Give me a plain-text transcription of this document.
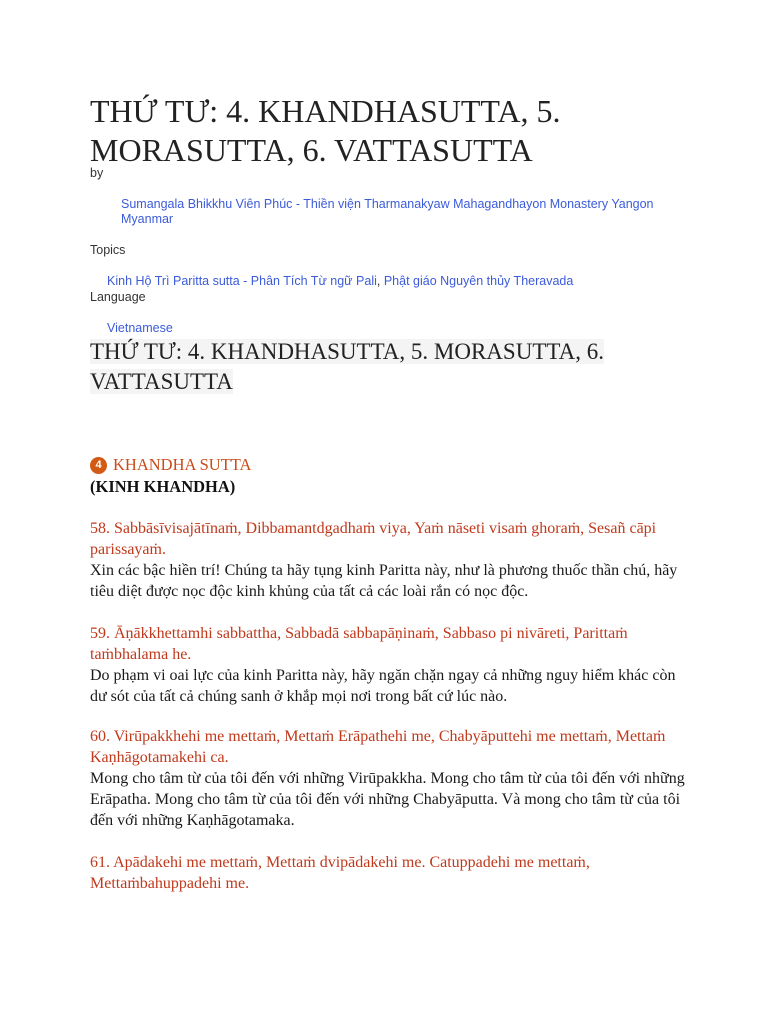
THỨ TƯ: 4. KHANDHASUTTA, 5. MORASUTTA, 6. VATTASUTTA
by
Sumangala Bhikkhu Viên Phúc - Thiền viện Tharmanakyaw Mahagandhayon Monastery Yangon Myanmar
Topics
Kinh Hộ Trì Paritta sutta - Phân Tích Từ ngữ Pali, Phật giáo Nguyên thủy Theravada
Language
Vietnamese
THỨ TƯ: 4. KHANDHASUTTA, 5. MORASUTTA, 6. VATTASUTTA
4 KHANDHA SUTTA
(KINH KHANDHA)
58. Sabbāsīvisajātīnaṁ, Dibbamantdgadhaṁ viya, Yaṁ nāseti visaṁ ghoraṁ, Sesañ cāpi parissayaṁ.
Xin các bậc hiền trí! Chúng ta hãy tụng kinh Paritta này, như là phương thuốc thần chú, hãy tiêu diệt được nọc độc kinh khủng của tất cả các loài rắn có nọc độc.
59. Āṇākkhettamhi sabbattha, Sabbadā sabbapāṇinaṁ, Sabbaso pi nivāreti, Parittaṁ taṁbhalama he.
Do phạm vi oai lực của kinh Paritta này, hãy ngăn chặn ngay cả những nguy hiểm khác còn dư sót của tất cả chúng sanh ở khắp mọi nơi trong bất cứ lúc nào.
60. Virūpakkhehi me mettaṁ, Mettaṁ Erāpathehi me, Chabyāputtehi me mettaṁ, Mettaṁ Kaṇhāgotamakehi ca.
Mong cho tâm từ của tôi đến với những Virūpakkha. Mong cho tâm từ của tôi đến với những Erāpatha. Mong cho tâm từ của tôi đến với những Chabyāputta. Và mong cho tâm từ của tôi đến với những Kaṇhāgotamaka.
61. Apādakehi me mettaṁ, Mettaṁ dvipādakehi me. Catuppadehi me mettaṁ, Mettaṁbahuppadehi me.
